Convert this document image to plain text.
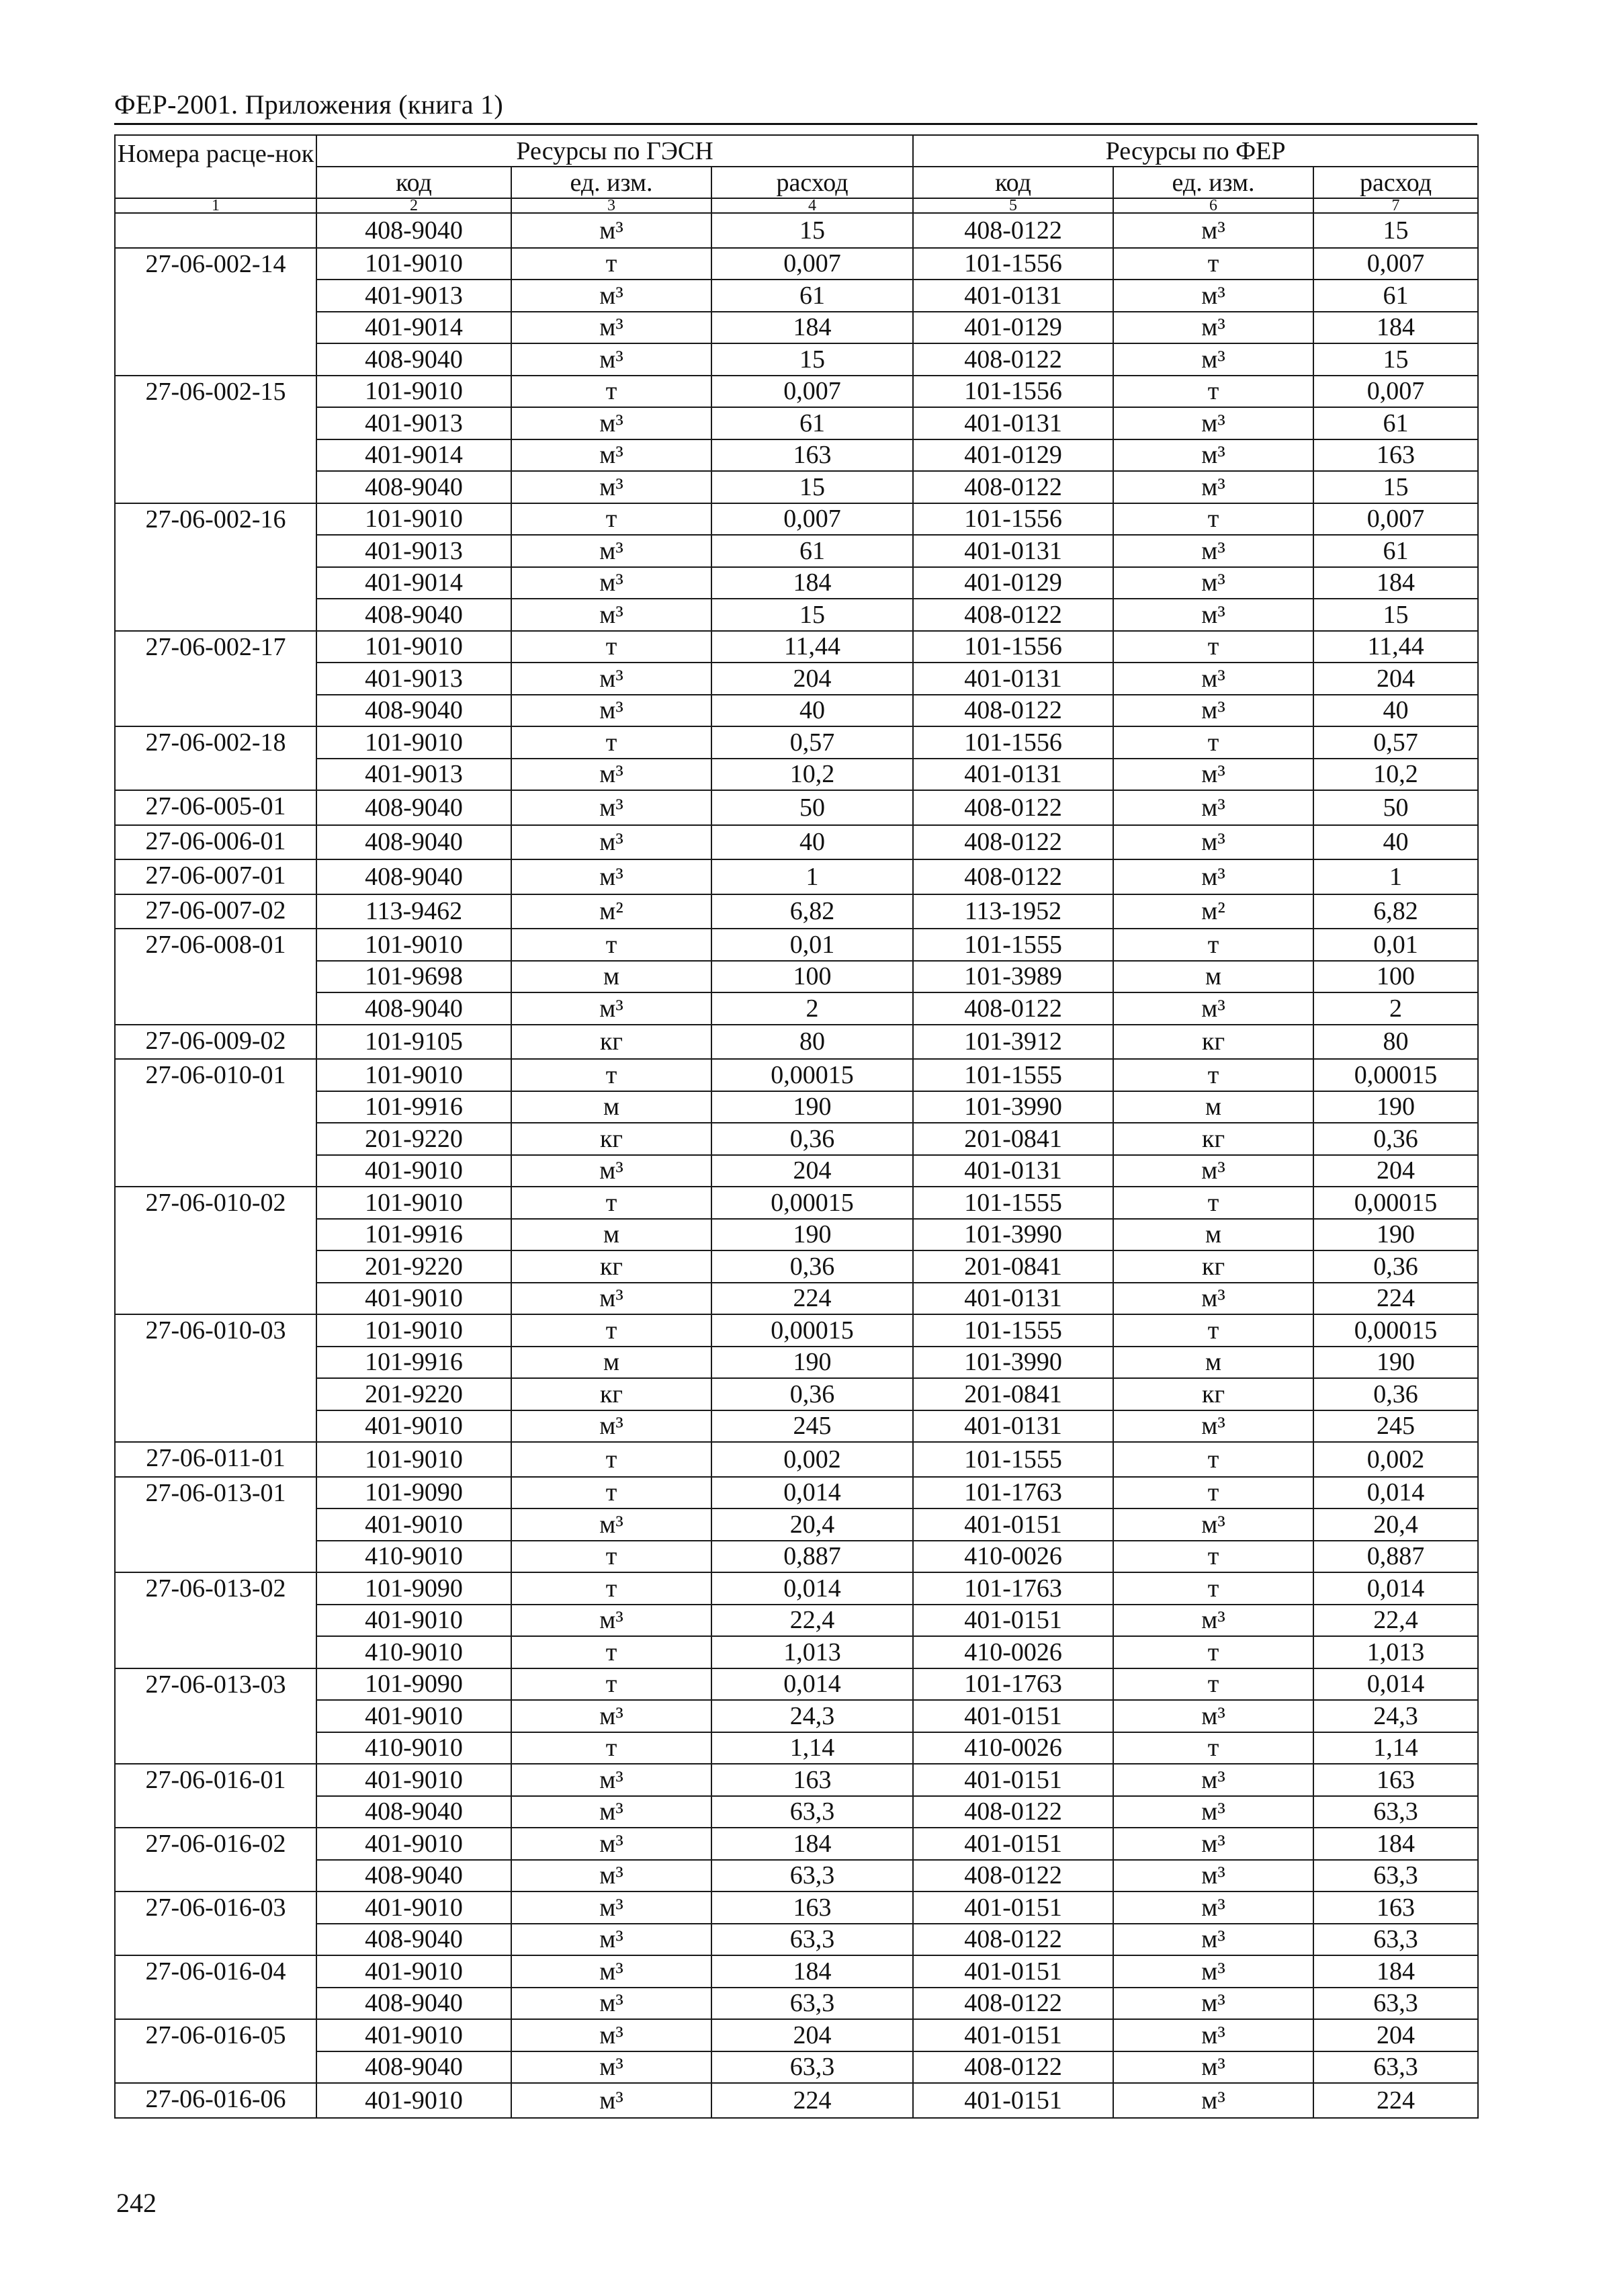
ФЕР-2001. Приложения (книга 1)
Номера расце-нок	Ресурсы по ГЭСН			Ресурсы по ФЕР		
	код	ед. изм.	расход	код	ед. изм.	расход
1	2	3	4	5	6	7
	408-9040	м³	15	408-0122	м³	15
27-06-002-14	101-9010	т	0,007	101-1556	т	0,007
	401-9013	м³	61	401-0131	м³	61
	401-9014	м³	184	401-0129	м³	184
	408-9040	м³	15	408-0122	м³	15
27-06-002-15	101-9010	т	0,007	101-1556	т	0,007
	401-9013	м³	61	401-0131	м³	61
	401-9014	м³	163	401-0129	м³	163
	408-9040	м³	15	408-0122	м³	15
27-06-002-16	101-9010	т	0,007	101-1556	т	0,007
	401-9013	м³	61	401-0131	м³	61
	401-9014	м³	184	401-0129	м³	184
	408-9040	м³	15	408-0122	м³	15
27-06-002-17	101-9010	т	11,44	101-1556	т	11,44
	401-9013	м³	204	401-0131	м³	204
	408-9040	м³	40	408-0122	м³	40
27-06-002-18	101-9010	т	0,57	101-1556	т	0,57
	401-9013	м³	10,2	401-0131	м³	10,2
27-06-005-01	408-9040	м³	50	408-0122	м³	50
27-06-006-01	408-9040	м³	40	408-0122	м³	40
27-06-007-01	408-9040	м³	1	408-0122	м³	1
27-06-007-02	113-9462	м²	6,82	113-1952	м²	6,82
27-06-008-01	101-9010	т	0,01	101-1555	т	0,01
	101-9698	м	100	101-3989	м	100
	408-9040	м³	2	408-0122	м³	2
27-06-009-02	101-9105	кг	80	101-3912	кг	80
27-06-010-01	101-9010	т	0,00015	101-1555	т	0,00015
	101-9916	м	190	101-3990	м	190
	201-9220	кг	0,36	201-0841	кг	0,36
	401-9010	м³	204	401-0131	м³	204
27-06-010-02	101-9010	т	0,00015	101-1555	т	0,00015
	101-9916	м	190	101-3990	м	190
	201-9220	кг	0,36	201-0841	кг	0,36
	401-9010	м³	224	401-0131	м³	224
27-06-010-03	101-9010	т	0,00015	101-1555	т	0,00015
	101-9916	м	190	101-3990	м	190
	201-9220	кг	0,36	201-0841	кг	0,36
	401-9010	м³	245	401-0131	м³	245
27-06-011-01	101-9010	т	0,002	101-1555	т	0,002
27-06-013-01	101-9090	т	0,014	101-1763	т	0,014
	401-9010	м³	20,4	401-0151	м³	20,4
	410-9010	т	0,887	410-0026	т	0,887
27-06-013-02	101-9090	т	0,014	101-1763	т	0,014
	401-9010	м³	22,4	401-0151	м³	22,4
	410-9010	т	1,013	410-0026	т	1,013
27-06-013-03	101-9090	т	0,014	101-1763	т	0,014
	401-9010	м³	24,3	401-0151	м³	24,3
	410-9010	т	1,14	410-0026	т	1,14
27-06-016-01	401-9010	м³	163	401-0151	м³	163
	408-9040	м³	63,3	408-0122	м³	63,3
27-06-016-02	401-9010	м³	184	401-0151	м³	184
	408-9040	м³	63,3	408-0122	м³	63,3
27-06-016-03	401-9010	м³	163	401-0151	м³	163
	408-9040	м³	63,3	408-0122	м³	63,3
27-06-016-04	401-9010	м³	184	401-0151	м³	184
	408-9040	м³	63,3	408-0122	м³	63,3
27-06-016-05	401-9010	м³	204	401-0151	м³	204
	408-9040	м³	63,3	408-0122	м³	63,3
27-06-016-06	401-9010	м³	224	401-0151	м³	224
242
